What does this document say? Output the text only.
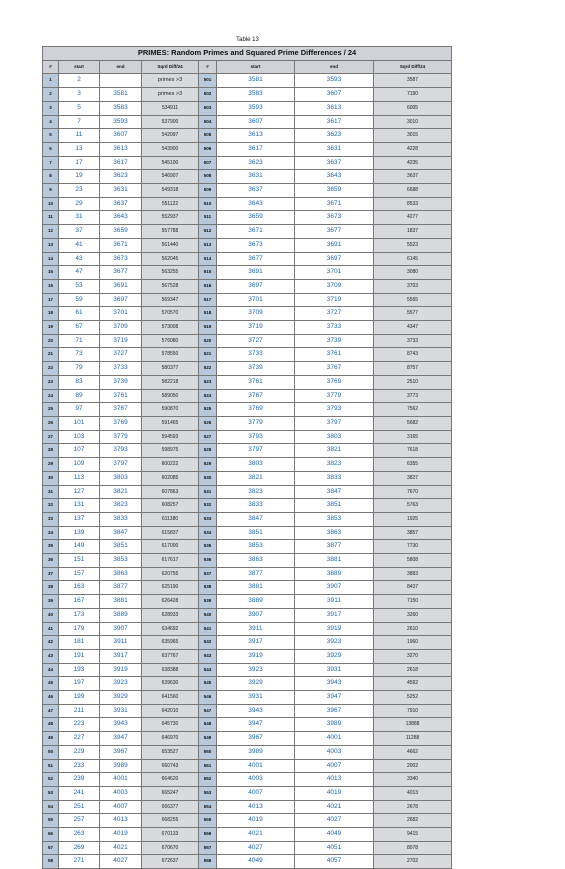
Table 13
PRIMES: Random Primes and Squared Prime Differences / 24							
#	start	end	Sqrd Diff/24	#	start	end	Sqrd Diff/24
1	2		primes >3	501	3581	3593	3587
2	3	3581	primes >3	502	3583	3607	7190
3	5	3583	534911	503	3593	3613	6005
4	7	3593	537900	504	3607	3617	3010
5	11	3607	542097	505	3613	3623	3015
6	13	3613	543900	506	3617	3631	4228
7	17	3617	545100	507	3623	3637	4235
8	19	3623	546907	508	3631	3643	3637
9	23	3631	549318	509	3637	3659	6688
10	29	3637	551122	510	3643	3671	8533
11	31	3643	552937	511	3659	3673	4277
12	37	3659	557788	512	3671	3677	1837
13	41	3671	561440	513	3673	3691	5523
14	43	3673	562045	514	3677	3697	6145
15	47	3677	563255	515	3691	3701	3080
16	53	3691	567528	516	3697	3709	3703
17	59	3697	569347	517	3701	3719	5565
18	61	3701	570570	518	3709	3727	5577
19	67	3709	573008	519	3719	3733	4347
20	71	3719	576080	520	3727	3739	3733
21	73	3727	578550	521	3733	3761	8743
22	79	3733	580377	522	3739	3767	8757
23	83	3739	582218	523	3761	3769	2510
24	89	3761	589050	524	3767	3779	3773
25	97	3767	590870	525	3769	3793	7562
26	101	3769	591465	526	3779	3797	5682
27	103	3779	594593	527	3793	3803	3165
28	107	3793	598975	528	3797	3821	7618
29	109	3797	600222	529	3803	3823	6355
30	113	3803	602085	530	3821	3833	3827
31	127	3821	607863	531	3823	3847	7670
32	131	3823	608257	532	3833	3851	5763
33	137	3833	611380	533	3847	3853	1925
34	139	3847	615837	534	3851	3863	3857
35	149	3851	617000	535	3853	3877	7730
36	151	3853	617617	536	3863	3881	5808
37	157	3863	620755	537	3877	3889	3883
38	163	3877	625190	538	3881	3907	8437
39	167	3881	626428	539	3889	3911	7150
40	173	3889	628933	540	3907	3917	3260
41	179	3907	634692	541	3911	3919	2610
42	181	3911	635965	542	3917	3923	1960
43	191	3917	637767	543	3919	3929	3270
44	193	3919	638388	544	3923	3931	2618
45	197	3923	639630	545	3929	3943	4592
46	199	3929	641560	546	3931	3947	5252
47	211	3931	642010	547	3943	3967	7910
48	223	3943	645730	548	3947	3989	13888
49	227	3947	646970	549	3967	4001	11288
50	229	3967	653527	550	3989	4003	4662
51	233	3989	660743	551	4001	4007	2002
52	239	4001	664620	552	4003	4013	3340
53	241	4003	665247	553	4007	4019	4013
54	251	4007	666377	554	4013	4021	2678
55	257	4013	668255	555	4019	4027	2682
56	263	4019	670133	556	4021	4049	9415
57	269	4021	670670	557	4027	4051	8078
58	271	4027	672637	558	4049	4057	2702
